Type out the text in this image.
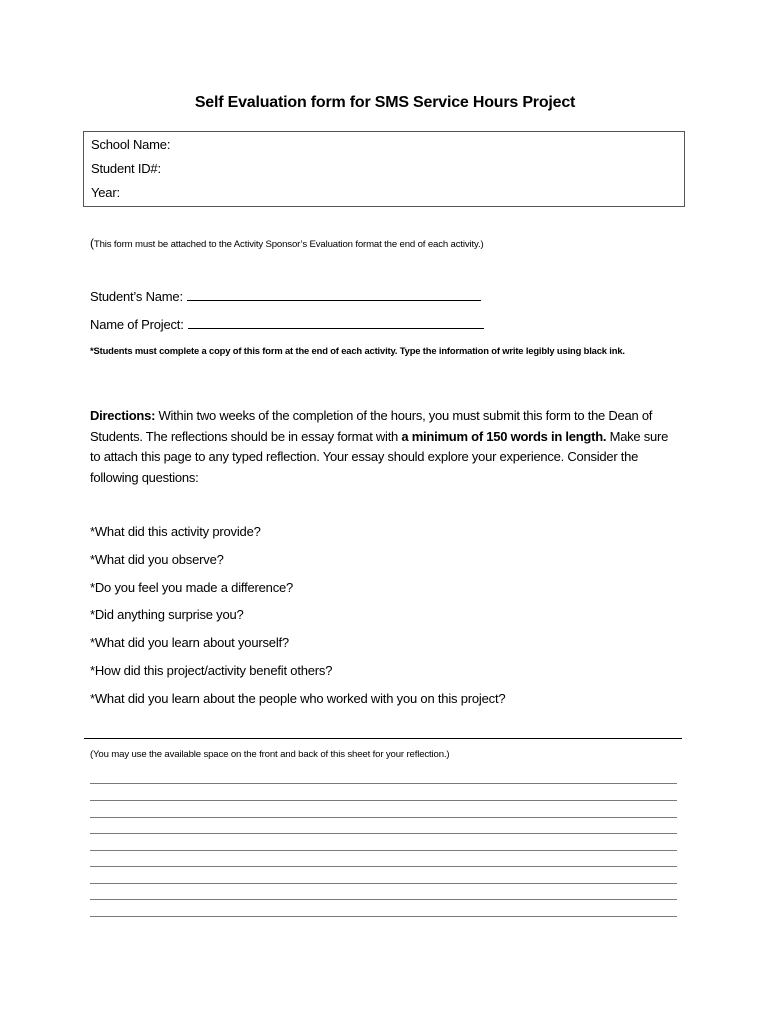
Self Evaluation form for SMS Service Hours Project
School Name:
Student ID#:
Year:
(This form must be attached to the Activity Sponsor’s Evaluation format the end of each activity.)
Student’s Name:
Name of Project:
*Students must complete a copy of this form at the end of each activity. Type the information of write legibly using black ink.
Directions: Within two weeks of the completion of the hours, you must submit this form to the Dean of Students. The reflections should be in essay format with a minimum of 150 words in length. Make sure to attach this page to any typed reflection. Your essay should explore your experience. Consider the following questions:
*What did this activity provide?
*What did you observe?
*Do you feel you made a difference?
*Did anything surprise you?
*What did you learn about yourself?
*How did this project/activity benefit others?
*What did you learn about the people who worked with you on this project?
(You may use the available space on the front and back of this sheet for your reflection.)
